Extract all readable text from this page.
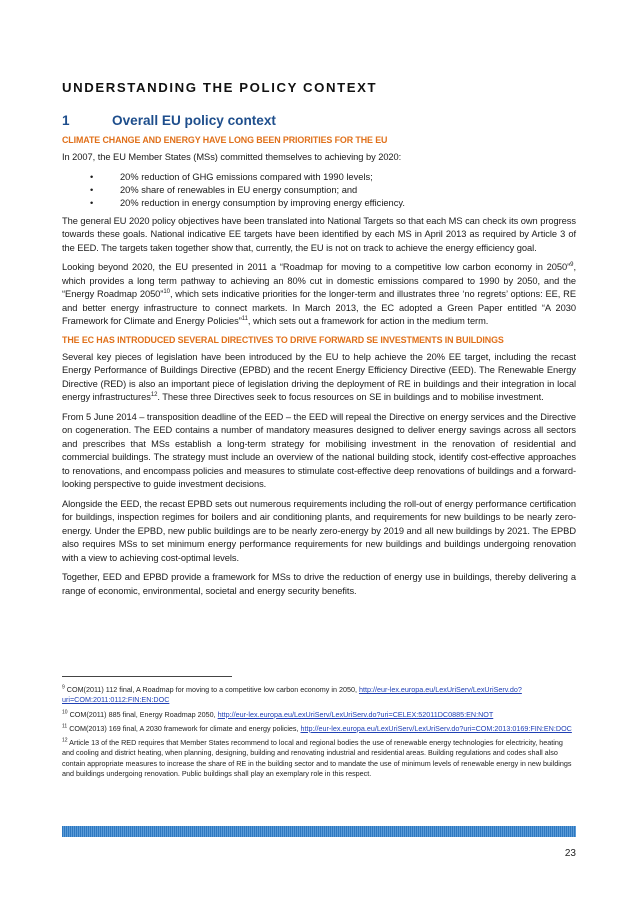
UNDERSTANDING THE POLICY CONTEXT
1	Overall EU policy context
CLIMATE CHANGE AND ENERGY HAVE LONG BEEN PRIORITIES FOR THE EU

In 2007, the EU Member States (MSs) committed themselves to achieving by 2020:

•	20% reduction of GHG emissions compared with 1990 levels;
•	20% share of renewables in EU energy consumption; and
•	20% reduction in energy consumption by improving energy efficiency.

The general EU 2020 policy objectives have been translated into National Targets so that each MS can check its own progress towards these goals. National indicative EE targets have been identified by each MS in April 2013 as required by Article 3 of the EED. The targets taken together show that, currently, the EU is not on track to achieve the energy efficiency goal.

Looking beyond 2020, the EU presented in 2011 a “Roadmap for moving to a competitive low carbon economy in 2050”$^9$, which provides a long term pathway to achieving an 80% cut in domestic emissions compared to 1990 by 2050, and the “Energy Roadmap 2050”$^{10}$, which sets indicative priorities for the longer-term and illustrates three ‘no regrets’ options: EE, RE and better energy infrastructure to connect markets. In March 2013, the EC adopted a Green Paper entitled “A 2030 Framework for Climate and Energy Policies”$^{11}$, which sets out a framework for action in the medium term.

THE EC HAS INTRODUCED SEVERAL DIRECTIVES TO DRIVE FORWARD SE INVESTMENTS IN BUILDINGS

Several key pieces of legislation have been introduced by the EU to help achieve the 20% EE target, including the recast Energy Performance of Buildings Directive (EPBD) and the recent Energy Efficiency Directive (EED). The Renewable Energy Directive (RED) is also an important piece of legislation driving the deployment of RE in buildings and their integration in local energy infrastructures$^{12}$. These three Directives seek to focus resources on SE in buildings and to mobilise investment.

From 5 June 2014 – transposition deadline of the EED – the EED will repeal the Directive on energy services and the Directive on cogeneration. The EED contains a number of mandatory measures designed to deliver energy savings across all sectors and prescribes that MSs establish a long-term strategy for mobilising investment in the renovation of residential and commercial buildings. The strategy must include an overview of the national building stock, identify cost-effective approaches to renovations, and encompass policies and measures to stimulate cost-effective deep renovations of buildings and a forward-looking perspective to guide investment decisions.

Alongside the EED, the recast EPBD sets out numerous requirements including the roll-out of energy performance certification for buildings, inspection regimes for boilers and air conditioning plants, and requirements for new buildings to be nearly zero-energy. Under the EPBD, new public buildings are to be nearly zero-energy by 2019 and all new buildings by 2021. The EPBD also requires MSs to set minimum energy performance requirements for new buildings and buildings undergoing renovation with a view to achieving cost-optimal levels.

Together, EED and EPBD provide a framework for MSs to drive the reduction of energy use in buildings, thereby delivering a range of economic, environmental, societal and energy security benefits.

$^9$ COM(2011) 112 final, A Roadmap for moving to a competitive low carbon economy in 2050, http://eur-lex.europa.eu/LexUriServ/LexUriServ.do?uri=COM:2011:0112:FIN:EN:DOC
$^{10}$ COM(2011) 885 final, Energy Roadmap 2050, http://eur-lex.europa.eu/LexUriServ/LexUriServ.do?uri=CELEX:52011DC0885:EN:NOT
$^{11}$ COM(2013) 169 final, A 2030 framework for climate and energy policies, http://eur-lex.europa.eu/LexUriServ/LexUriServ.do?uri=COM:2013:0169:FIN:EN:DOC
$^{12}$ Article 13 of the RED requires that Member States recommend to local and regional bodies the use of renewable energy technologies for electricity, heating and cooling and district heating, when planning, designing, building and renovating industrial and residential areas. Building regulations and codes shall also contain appropriate measures to increase the share of RE in the building sector and to mandate the use of minimum levels of renewable energy in new buildings and buildings undergoing renovation. Public buildings shall play an exemplary role in this respect.
23
